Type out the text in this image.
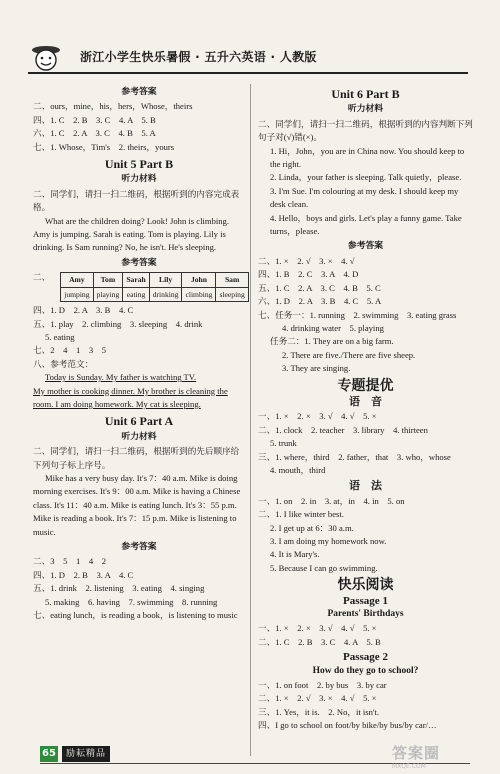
浙江小学生快乐暑假 · 五升六英语 · 人教版
参考答案
二、ours，mine，his，hers，Whose，theirs
四、1. C　2. B　3. C　4. A　5. B
六、1. C　2. A　3. C　4. B　5. A
七、1. Whose，Tim's　2. theirs，yours
Unit 5 Part B
听力材料
二、同学们，请扫一扫二维码，根据听到的内容完成表格。
What are the children doing? Look! John is climbing. Amy is jumping. Sarah is eating. Tom is playing. Lily is drinking. Is Sam running? No, he isn't. He's sleeping.
参考答案
二、 Amy	Tom	Sarah	Lily	John	Sam
jumping	playing	eating	drinking	climbing	sleeping
四、1. D　2. A　3. B　4. C
五、1. play　2. climbing　3. sleeping　4. drink
5. eating
七、2　4　1　3　5
八、参考范文：
Today is Sunday. My father is watching TV.
My mother is cooking dinner. My brother is cleaning the room. I am doing homework. My cat is sleeping.
Unit 6 Part A
听力材料
二、同学们，请扫一扫二维码，根据听到的先后顺序给下列句子标上序号。
Mike has a very busy day. It's 7：40 a.m. Mike is doing morning exercises. It's 9：00 a.m. Mike is having a Chinese class. It's 11：40 a.m. Mike is eating lunch. It's 3：55 p.m. Mike is reading a book. It's 7：15 p.m. Mike is listening to music.
参考答案
二、3　5　1　4　2
四、1. D　2. B　3. A　4. C
五、1. drink　2. listening　3. eating　4. singing
5. making　6. having　7. swimming　8. running
七、eating lunch，is reading a book，is listening to music
Unit 6 Part B
听力材料
二、同学们，请扫一扫二维码，根据听到的内容判断下列句子对(√)错(×)。
1. Hi，John，you are in China now. You should keep to the right.
2. Linda，your father is sleeping. Talk quietly，please.
3. I'm Sue. I'm colouring at my desk. I should keep my desk clean.
4. Hello，boys and girls. Let's play a funny game. Take turns，please.
参考答案
二、1. ×　2. √　3. ×　4. √
四、1. B　2. C　3. A　4. D
五、1. C　2. A　3. C　4. B　5. C
六、1. D　2. A　3. B　4. C　5. A
七、任务一：1. running　2. swimming　3. eating grass
4. drinking water　5. playing
任务二：1. They are on a big farm.
2. There are five./There are five sheep.
3. They are singing.
专题提优
语　音
一、1. ×　2. ×　3. √　4. √　5. ×
二、1. clock　2. teacher　3. library　4. thirteen
5. trunk
三、1. where，third　2. father，that　3. who，whose
4. mouth，third
语　法
一、1. on　2. in　3. at，in　4. in　5. on
二、1. I like winter best.
2. I get up at 6：30 a.m.
3. I am doing my homework now.
4. It is Mary's.
5. Because I can go swimming.
快乐阅读
Passage 1
Parents' Birthdays
一、1. ×　2. ×　3. √　4. √　5. ×
二、1. C　2. B　3. C　4. A　5. B
Passage 2
How do they go to school?
一、1. on foot　2. by bus　3. by car
二、1. ×　2. √　3. ×　4. √　5. ×
三、1. Yes，it is.　2. No，it isn't.
四、I go to school on foot/by bike/by bus/by car/…
65	励耘精品	答案圈
MXQE.COM
